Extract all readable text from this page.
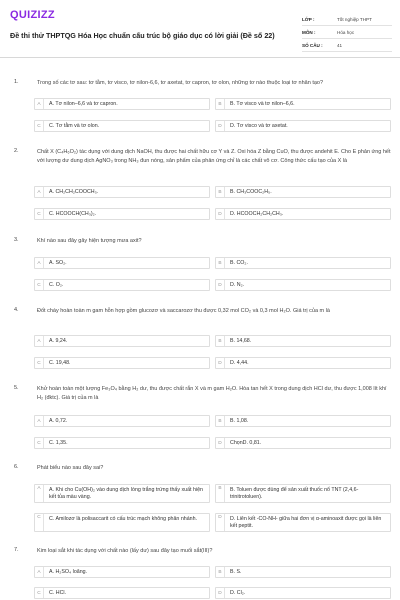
QUIZIZZ
Đề thi thử THPTQG Hóa Học chuẩn cấu trúc bộ giáo dục có lời giải (Đề số 22)
LỚP :	Tốt nghiệp THPT
MÔN :	Hóa học
SỐ CÂU :	41
1.	Trong số các tơ sau: tơ tằm, tơ visco, tơ nilon-6,6, tơ axetat, tơ capron, tơ olon, những tơ nào thuộc loại tơ nhân tạo?
A	A. Tơ nilon–6,6 và tơ capron.	B	B. Tơ visco và tơ nilon–6,6.
C	C. Tơ tằm và tơ olon.	D	D. Tơ visco và tơ axetat.
2.	Chất X (C₄H₆O₂) tác dụng với dung dịch NaOH, thu được hai chất hữu cơ Y và Z. Oxi hóa Z bằng CuO, thu được andehit E. Cho E phản ứng hết với lượng dư dung dịch AgNO₃ trong NH₃ đun nóng, sản phẩm của phản ứng chỉ là các chất vô cơ. Công thức cấu tạo của X là
A	A. CH₂CH₂COOCH₃.	B	B. CH₃COOC₂H₅.
C	C. HCOOCH(CH₃)₂.	D	D. HCOOCH₂CH₂CH₃.
3.	Khí nào sau đây gây hiện tượng mưa axit?
A	A. SO₂.	B	B. CO₂.
C	C. O₂.	D	D. N₂.
4.	Đốt cháy hoàn toàn m gam hỗn hợp gồm glucozơ và saccarozơ thu được 0,32 mol CO₂ và 0,3 mol H₂O. Giá trị của m là
A	A. 9,24.	B	B. 14,68.
C	C. 19,48.	D	D. 4,44.
5.	Khử hoàn toàn một lượng Fe₃O₄ bằng H₂ dư, thu được chất rắn X và m gam H₂O. Hòa tan hết X trong dung dịch HCl dư, thu được 1,008 lít khí H₂ (đktc). Giá trị của m là
A	A. 0,72.	B	B. 1,08.
C	C. 1,35.	D	ChọnD. 0,81.
6.	Phát biểu nào sau đây sai?
A	A. Khi cho Cu(OH)₂ vào dung dịch lòng trắng trứng thấy xuất hiện kết tủa màu vàng.
B	B. Toluen được dùng để sản xuất thuốc nổ TNT (2,4,6-trinitrotoluen).
C	C. Amilozơ là polisaccarit có cấu trúc mạch không phân nhánh.	D	D. Liên kết -CO-NH- giữa hai đơn vị α-aminoaxit được gọi là liên kết peptit.
7.	Kim loại sắt khi tác dụng với chất nào (lấy dư) sau đây tạo muối sắt(III)?
A	A. H₂SO₄ loãng.	B	B. S.
C	C. HCl.	D	D. Cl₂.
